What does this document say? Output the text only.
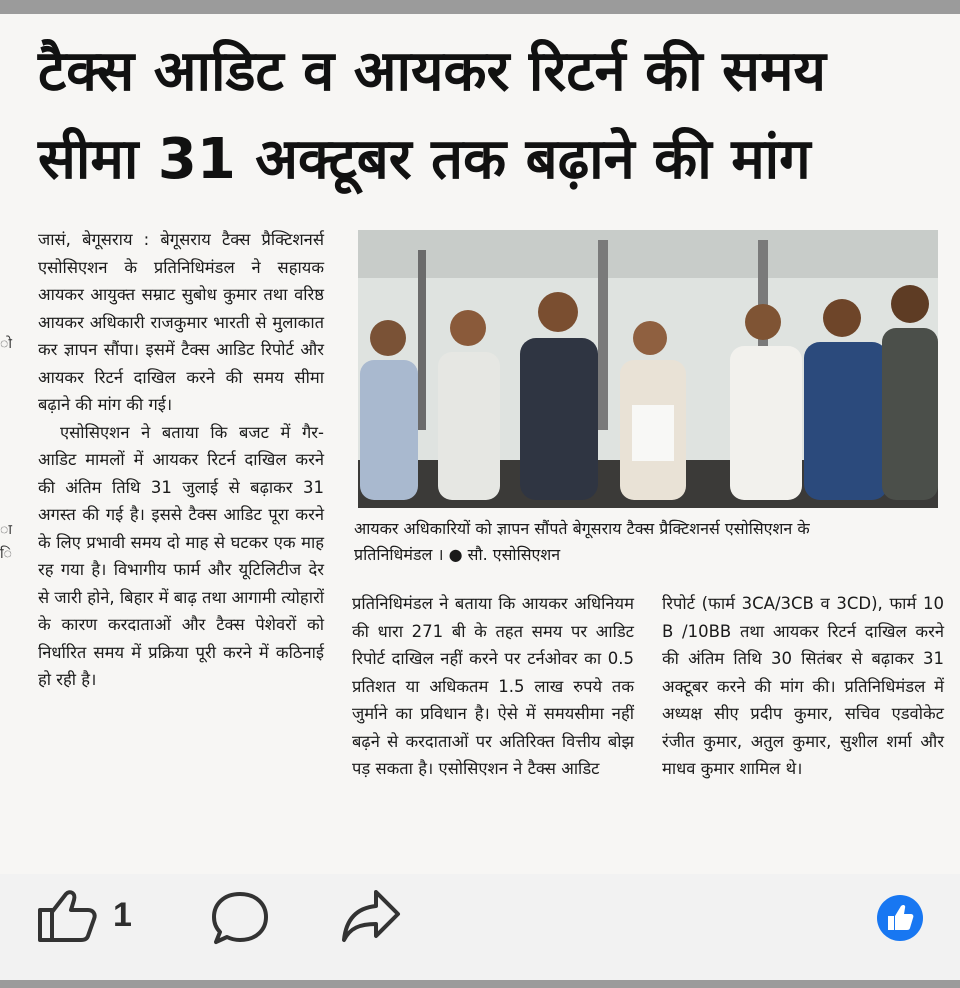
टैक्स आडिट व आयकर रिटर्न की समय
सीमा 31 अक्टूबर तक बढ़ाने की मांग
ो
ा
ि

जासं, बेगूसराय : बेगूसराय टैक्स प्रैक्टिशनर्स एसोसिएशन के प्रतिनिधिमंडल ने सहायक आयकर आयुक्त सम्राट सुबोध कुमार तथा वरिष्ठ आयकर अधिकारी राजकुमार भारती से मुलाकात कर ज्ञापन सौंपा। इसमें टैक्स आडिट रिपोर्ट और आयकर रिटर्न दाखिल करने की समय सीमा बढ़ाने की मांग की गई।

एसोसिएशन ने बताया कि बजट में गैर-आडिट मामलों में आयकर रिटर्न दाखिल करने की अंतिम तिथि 31 जुलाई से बढ़ाकर 31 अगस्त की गई है। इससे टैक्स आडिट पूरा करने के लिए प्रभावी समय दो माह से घटकर एक माह रह गया है। विभागीय फार्म और यूटिलिटीज देर से जारी होने, बिहार में बाढ़ तथा आगामी त्योहारों के कारण करदाताओं और टैक्स पेशेवरों को निर्धारित समय में प्रक्रिया पूरी करने में कठिनाई हो रही है।

आयकर अधिकारियों को ज्ञापन सौंपते बेगूसराय टैक्स प्रैक्टिशनर्स एसोसिएशन के
प्रतिनिधिमंडल । ● सौ. एसोसिएशन

प्रतिनिधिमंडल ने बताया कि आयकर अधिनियम की धारा 271 बी के तहत समय पर आडिट रिपोर्ट दाखिल नहीं करने पर टर्नओवर का 0.5 प्रतिशत या अधिकतम 1.5 लाख रुपये तक जुर्माने का प्रविधान है। ऐसे में समयसीमा नहीं बढ़ने से करदाताओं पर अतिरिक्त वित्तीय बोझ पड़ सकता है। एसोसिएशन ने टैक्स आडिट

रिपोर्ट (फार्म 3CA/3CB व 3CD), फार्म 10 B /10BB तथा आयकर रिटर्न दाखिल करने की अंतिम तिथि 30 सितंबर से बढ़ाकर 31 अक्टूबर करने की मांग की। प्रतिनिधिमंडल में अध्यक्ष सीए प्रदीप कुमार, सचिव एडवोकेट रंजीत कुमार, अतुल कुमार, सुशील शर्मा और माधव कुमार शामिल थे।

1
